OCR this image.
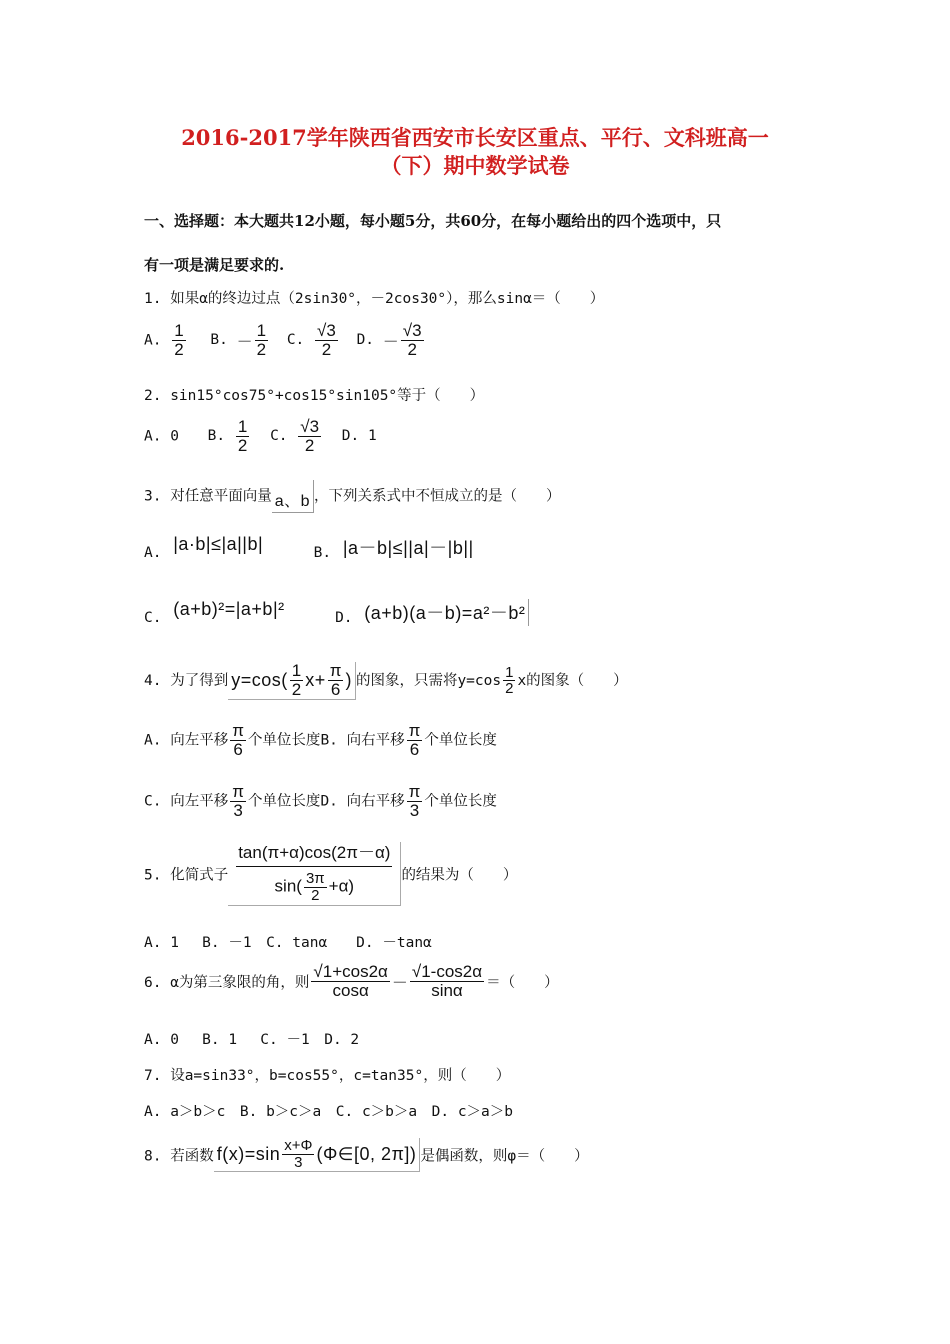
2016-2017学年陕西省西安市长安区重点、平行、文科班高一
（下）期中数学试卷
一、选择题：本大题共12小题，每小题5分，共60分，在每小题给出的四个选项中，只
有一项是满足要求的.
1. 如果α的终边过点（2sin30°，－2cos30°），那么sinα＝（　　）
A. $\frac{1}{2} B$. － $\frac{1}{2} C$. $\frac{√3}{2} D$. － $\frac{√3}{2}$
2. sin15°cos75°+cos15°sin105°等于（　　）
A. 0 B. $\frac{1}{2} C$. $\frac{√3}{2} D$. 1
3. 对任意平面向量 a、b ，下列关系式中不恒成立的是（　　）
A. |a·b|≤|a||b|	B. |a－b|≤||a|－|b||
C. (a+b)²=|a+b|²	D. (a+b)(a－b)=a²－b²
4. 为了得到 $y=\cos( \frac{1}{2} x+ \frac{\pi}{6}$ ) 的图象，只需将$y=\cos \frac{1}{2}$ x的图象（　　）
A. 向左平移 $\frac{\pi}{6}$ 个单位长度B. 向右平移 $\frac{\pi}{6}$ 个单位长度
C. 向左平移 $\frac{\pi}{3}$ 个单位长度D. 向右平移 $\frac{\pi}{3}$ 个单位长度
5. 化简式子 $\frac{\tan(\pi+\alpha)\cos(2\pi-\alpha)}{\sin( \frac{3\pi}{2} +\alpha)}$ 的结果为（　　）
A. 1　 B. －1　C. tanα　　D. －tanα
6. α为第三象限的角，则 $\frac{√1+\cos 2\alpha}{\cos\alpha} - \frac{√1-\cos 2\alpha}{\sin\alpha}$ ＝（　　）
A. 0　 B. 1　 C. －1　D. 2
7. 设a=sin33°，b=cos55°，c=tan35°，则（　　）
A. a＞b＞c　B. b＞c＞a　C. c＞b＞a　D. c＞a＞b
8. 若函数 $f(x)=\sin \frac{x+\Phi}{3}$ (Φ∈[0, 2π]) 是偶函数，则φ＝（　　）
